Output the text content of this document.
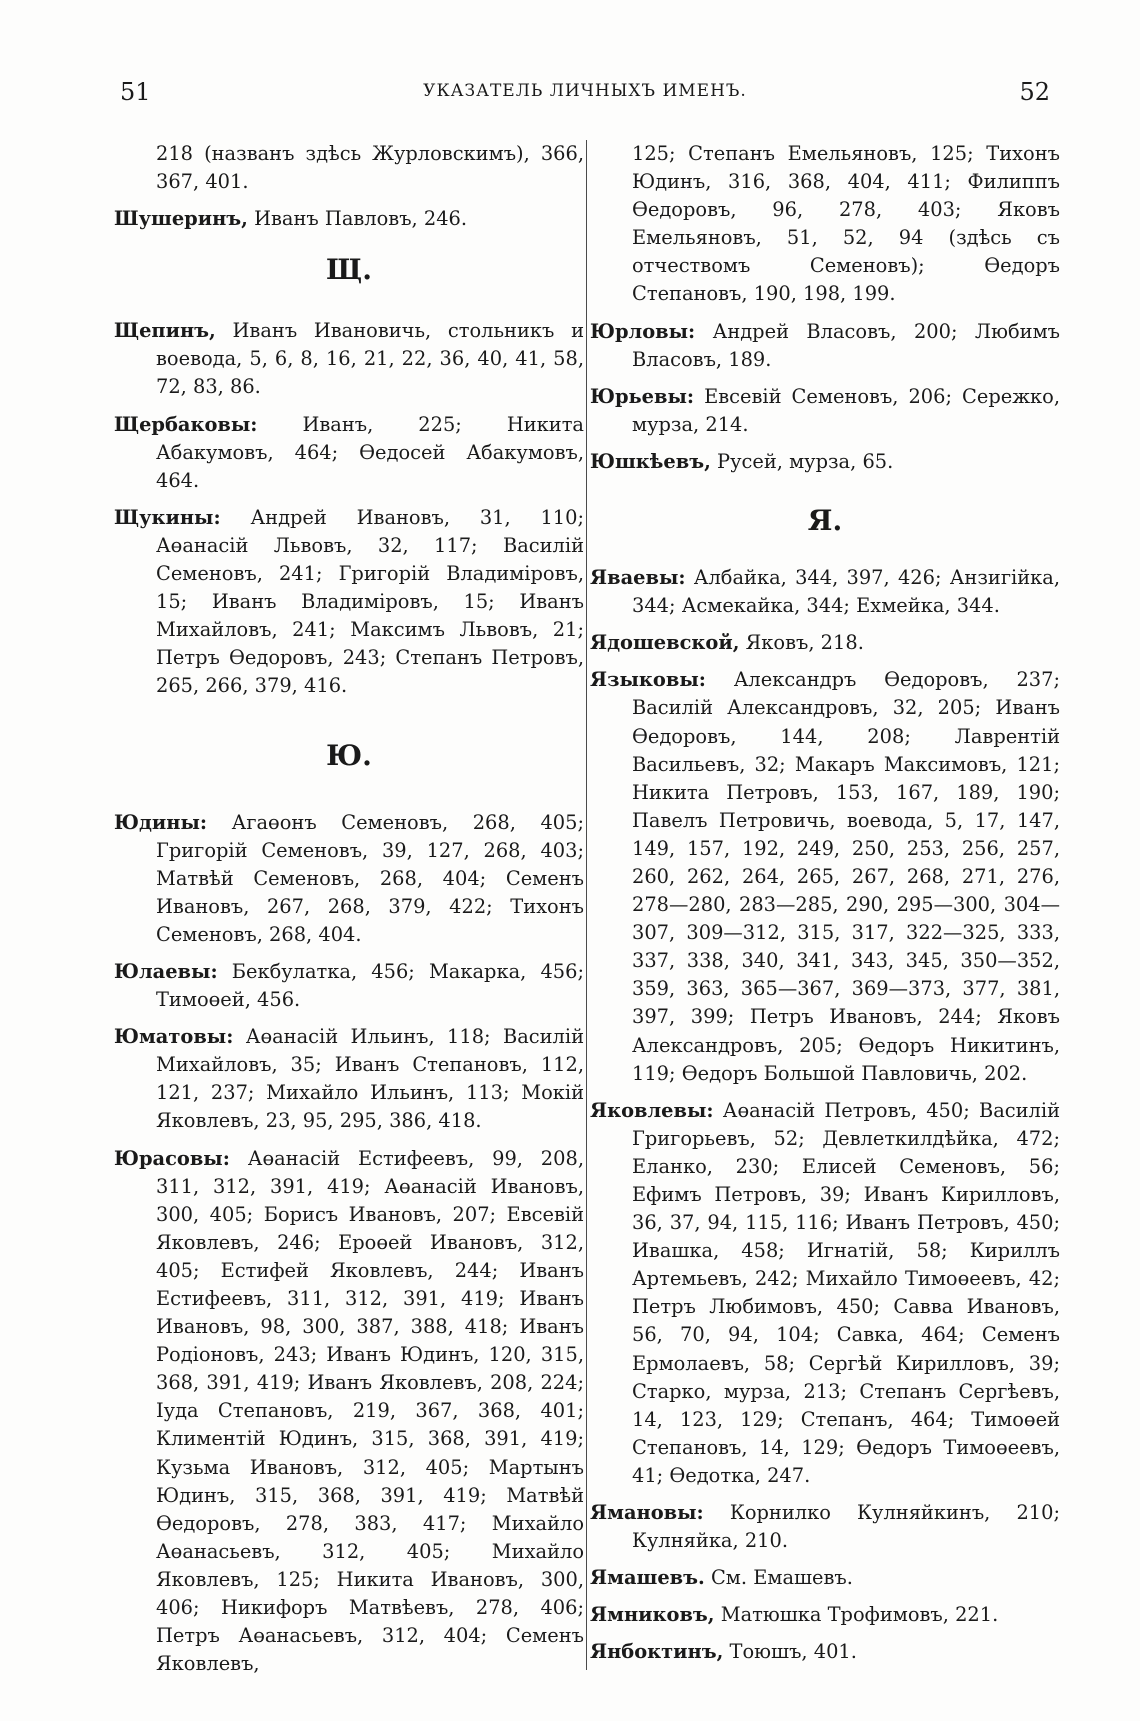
51	УКАЗАТЕЛЬ ЛИЧНЫХЪ ИМЕНЪ.	52

218 (названъ здѣсь Журловскимъ), 366, 367, 401.

Шушеринъ, Иванъ Павловъ, 246.

Щ.

Щепинъ, Иванъ Ивановичь, стольникъ и воевода, 5, 6, 8, 16, 21, 22, 36, 40, 41, 58, 72, 83, 86.

Щербаковы: Иванъ, 225; Никита Абакумовъ, 464; Өедосей Абакумовъ, 464.

Щукины: Андрей Ивановъ, 31, 110; Аөанасій Львовъ, 32, 117; Василій Семеновъ, 241; Григорій Владиміровъ, 15; Иванъ Владиміровъ, 15; Иванъ Михайловъ, 241; Максимъ Львовъ, 21; Петръ Өедоровъ, 243; Степанъ Петровъ, 265, 266, 379, 416.

Ю.

Юдины: Агаөонъ Семеновъ, 268, 405; Григорій Семеновъ, 39, 127, 268, 403; Матвѣй Семеновъ, 268, 404; Семенъ Ивановъ, 267, 268, 379, 422; Тихонъ Семеновъ, 268, 404.

Юлаевы: Бекбулатка, 456; Макарка, 456; Тимоөей, 456.

Юматовы: Аөанасій Ильинъ, 118; Василій Михайловъ, 35; Иванъ Степановъ, 112, 121, 237; Михайло Ильинъ, 113; Мокій Яковлевъ, 23, 95, 295, 386, 418.

Юрасовы: Аөанасій Естифеевъ, 99, 208, 311, 312, 391, 419; Аөанасій Ивановъ, 300, 405; Борисъ Ивановъ, 207; Евсевій Яковлевъ, 246; Ероөей Ивановъ, 312, 405; Естифей Яковлевъ, 244; Иванъ Естифеевъ, 311, 312, 391, 419; Иванъ Ивановъ, 98, 300, 387, 388, 418; Иванъ Родіоновъ, 243; Иванъ Юдинъ, 120, 315, 368, 391, 419; Иванъ Яковлевъ, 208, 224; Іуда Степановъ, 219, 367, 368, 401; Климентій Юдинъ, 315, 368, 391, 419; Кузьма Ивановъ, 312, 405; Мартынъ Юдинъ, 315, 368, 391, 419; Матвѣй Өедоровъ, 278, 383, 417; Михайло Аөанасьевъ, 312, 405; Михайло Яковлевъ, 125; Никита Ивановъ, 300, 406; Никифоръ Матвѣевъ, 278, 406; Петръ Аөанасьевъ, 312, 404; Семенъ Яковлевъ,

125; Степанъ Емельяновъ, 125; Тихонъ Юдинъ, 316, 368, 404, 411; Филиппъ Өедоровъ, 96, 278, 403; Яковъ Емельяновъ, 51, 52, 94 (здѣсь съ отчествомъ Семеновъ); Өедоръ Степановъ, 190, 198, 199.

Юрловы: Андрей Власовъ, 200; Любимъ Власовъ, 189.

Юрьевы: Евсевій Семеновъ, 206; Сережко, мурза, 214.

Юшкѣевъ, Русей, мурза, 65.

Я.

Яваевы: Албайка, 344, 397, 426; Анзигійка, 344; Асмекайка, 344; Ехмейка, 344.

Ядошевской, Яковъ, 218.

Языковы: Александръ Өедоровъ, 237; Василій Александровъ, 32, 205; Иванъ Өедоровъ, 144, 208; Лаврентій Васильевъ, 32; Макаръ Максимовъ, 121; Никита Петровъ, 153, 167, 189, 190; Павелъ Петровичь, воевода, 5, 17, 147, 149, 157, 192, 249, 250, 253, 256, 257, 260, 262, 264, 265, 267, 268, 271, 276, 278—280, 283—285, 290, 295—300, 304—307, 309—312, 315, 317, 322—325, 333, 337, 338, 340, 341, 343, 345, 350—352, 359, 363, 365—367, 369—373, 377, 381, 397, 399; Петръ Ивановъ, 244; Яковъ Александровъ, 205; Өедоръ Никитинъ, 119; Өедоръ Большой Павловичь, 202.

Яковлевы: Аөанасій Петровъ, 450; Василій Григорьевъ, 52; Девлеткилдѣйка, 472; Еланко, 230; Елисей Семеновъ, 56; Ефимъ Петровъ, 39; Иванъ Кирилловъ, 36, 37, 94, 115, 116; Иванъ Петровъ, 450; Ивашка, 458; Игнатій, 58; Кириллъ Артемьевъ, 242; Михайло Тимоөеевъ, 42; Петръ Любимовъ, 450; Савва Ивановъ, 56, 70, 94, 104; Савка, 464; Семенъ Ермолаевъ, 58; Сергѣй Кирилловъ, 39; Старко, мурза, 213; Степанъ Сергѣевъ, 14, 123, 129; Степанъ, 464; Тимоөей Степановъ, 14, 129; Өедоръ Тимоөеевъ, 41; Өедотка, 247.

Ямановы: Корнилко Кулняйкинъ, 210; Кулняйка, 210.

Ямашевъ. См. Емашевъ.

Ямниковъ, Матюшка Трофимовъ, 221.

Янбоктинъ, Тоюшъ, 401.
